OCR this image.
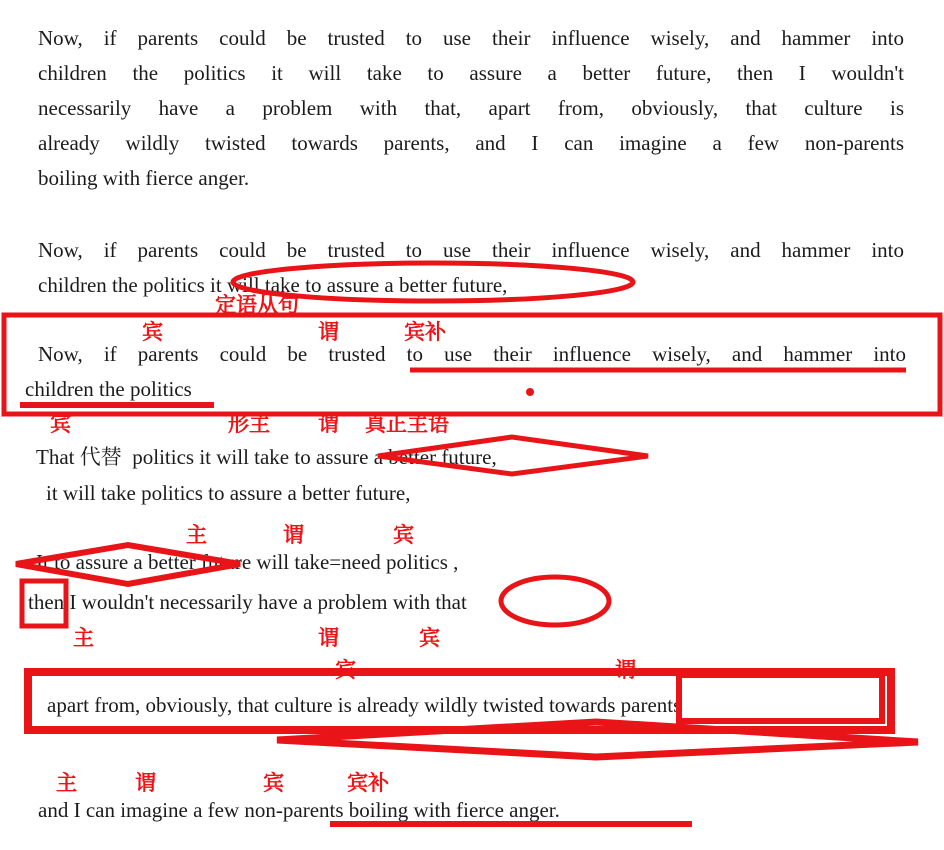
Now, if parents could be trusted to use their influence wisely, and hammer into
children the politics it will take to assure a better future, then I wouldn't
necessarily have a problem with that, apart from, obviously, that culture is
already wildly twisted towards parents, and I can imagine a few non-parents
boiling with fierce anger.
Now, if parents could be trusted to use their influence wisely, and hammer into
children the politics it will take to assure a better future,
定语从句
宾	谓	宾补
Now, if parents could be trusted to use their influence wisely, and hammer into
children the politics
宾	形主 谓 真正主语
That 代替  politics it will take to assure a better future,
it will take politics to assure a better future,
主	谓	宾
It to assure a better future will take=need politics ,
then I wouldn't necessarily have a problem with that
主	谓	宾
宾	谓
apart from, obviously, that culture is already wildly twisted towards parents
主	谓	宾	宾补
and I can imagine a few non-parents boiling with fierce anger.
